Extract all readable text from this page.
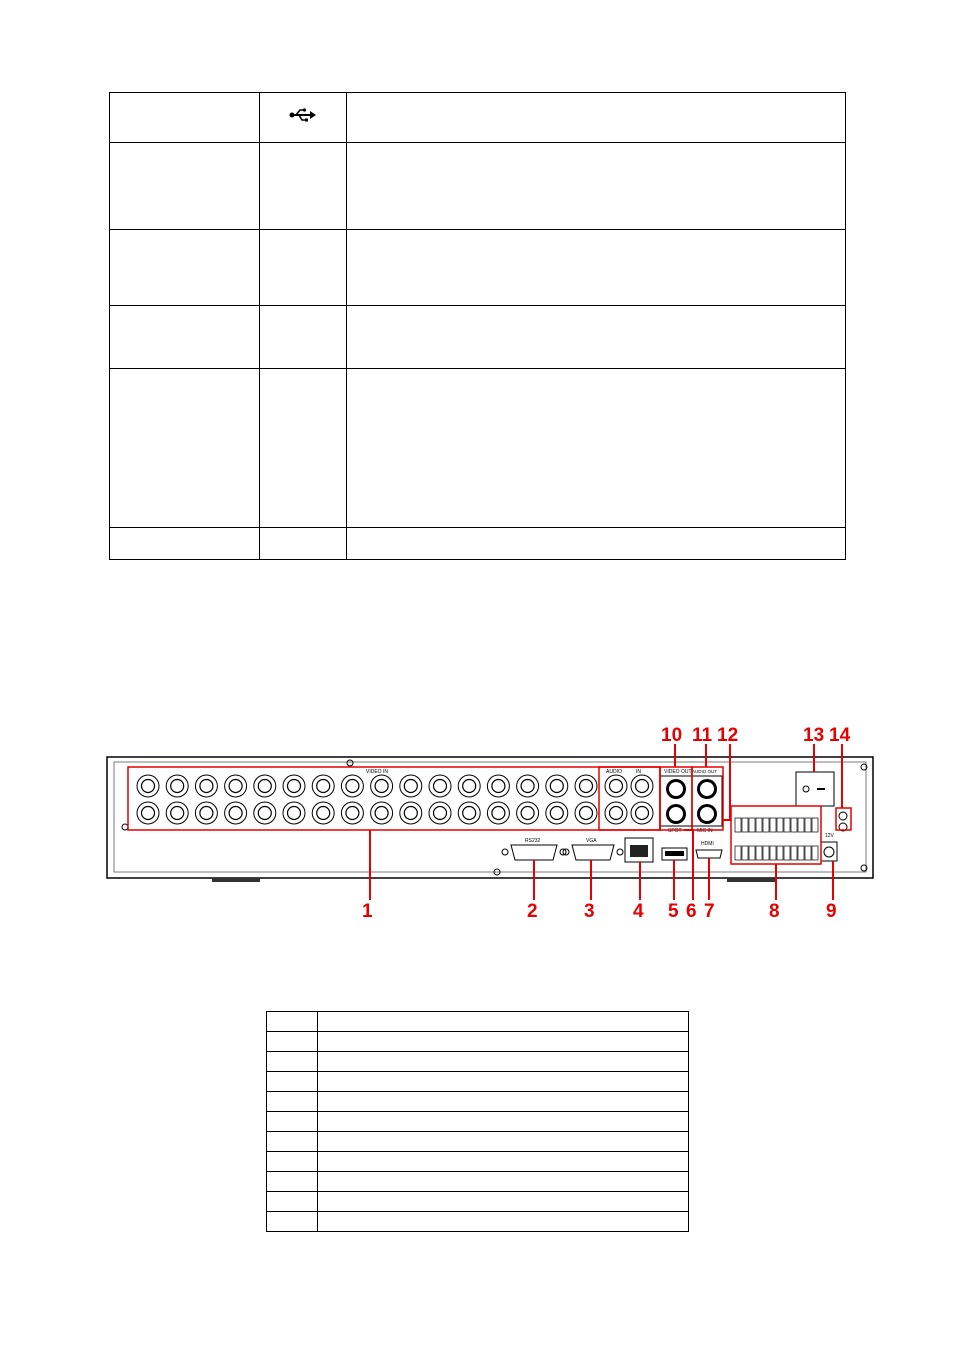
VIDEO IN	AUDIO	IN	VIDEO OUT AUDIO OUT
SPOT	MIC IN
RS232	VGA	HDMI
12V
1	2 3 4 5 6 7	8 9
10 11 12	13 14
